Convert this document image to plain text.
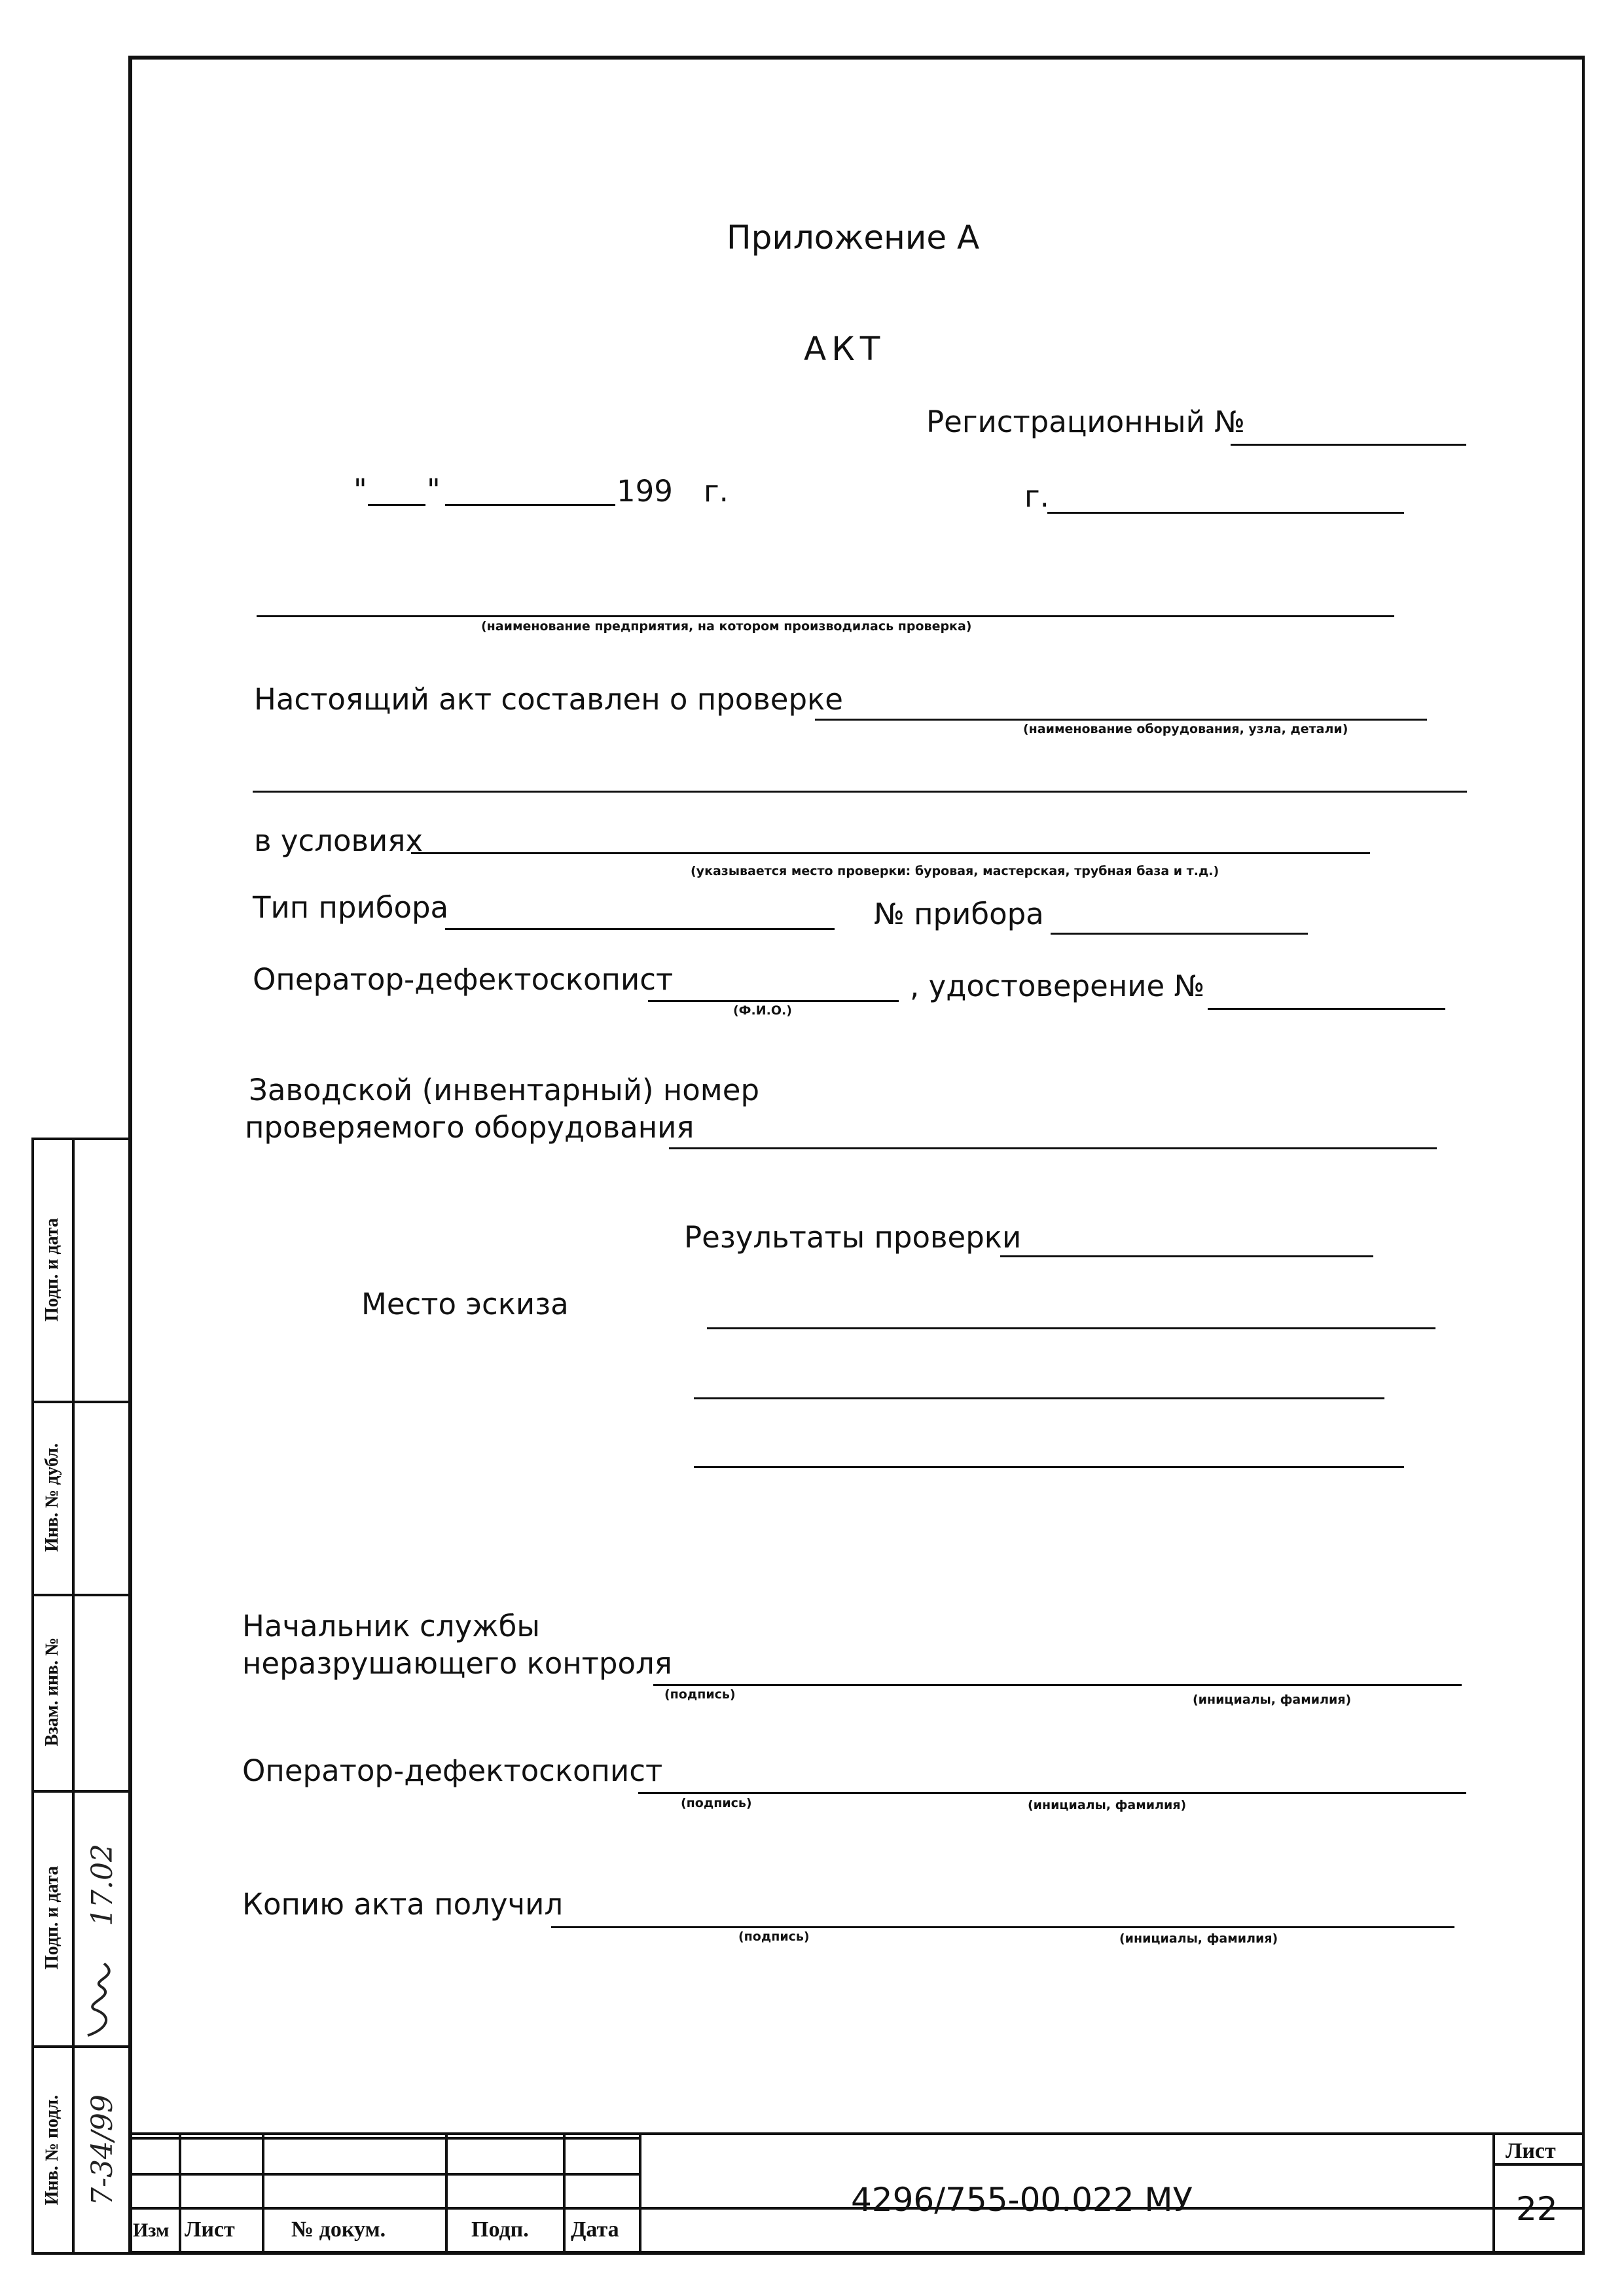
Приложение А
АКТ
Регистрационный №
" "	199 г.	г.
(наименование предприятия, на котором производилась проверка)
Настоящий акт составлен о проверке
(наименование оборудования, узла, детали)
в условиях
(указывается место проверки: буровая, мастерская, трубная база и т.д.)
Тип прибора	№ прибора
Оператор-дефектоскопист
(Ф.И.О.)
, удостоверение №
Заводской (инвентарный) номер
проверяемого оборудования
Результаты проверки
Место эскиза
Начальник службы
неразрушающего контроля
(подпись)	(инициалы, фамилия)
Оператор-дефектоскопист
(подпись)	(инициалы, фамилия)
Копию акта получил
(подпись)	(инициалы, фамилия)
Инв. № подл.
Подп. и дата
Взам. инв. №
Инв. № дубл.
Подп. и дата
7-34/99
17.02
Изм Лист	№ докум.	Подп. Дата
4296/755-00.022 МУ
Лист
22
